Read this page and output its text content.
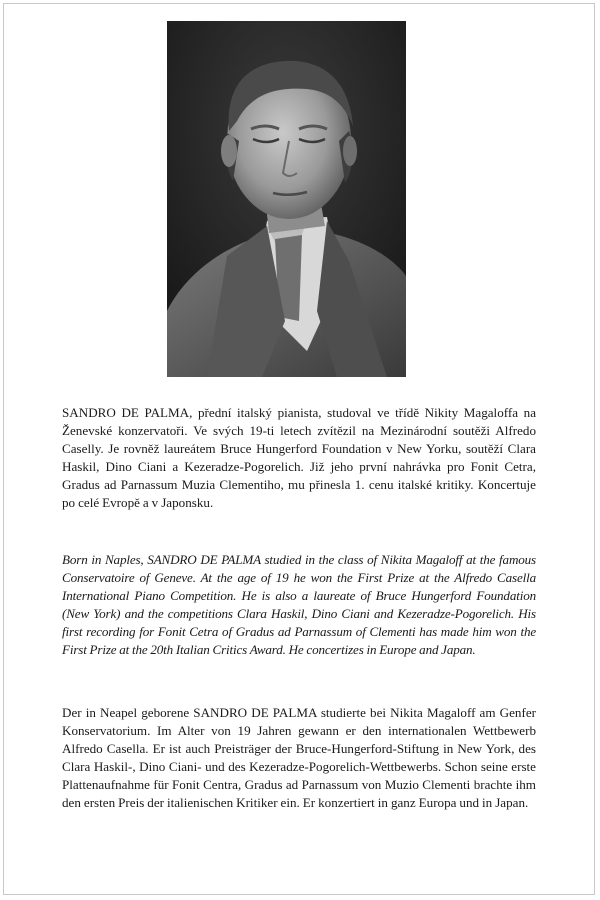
SANDRO DE PALMA, přední italský pianista, studoval ve třídě Nikity Magaloffa na Ženevské konzervatoři. Ve svých 19-ti letech zvítězil na Mezinárodní soutěži Alfredo Caselly. Je rovněž laureátem Bruce Hungerford Foundation v New Yorku, soutěží Clara Haskil, Dino Ciani a Kezeradze-Pogorelich. Již jeho první nahrávka pro Fonit Cetra, Gradus ad Parnassum Muzia Clementiho, mu přinesla 1. cenu italské kritiky. Koncertuje po celé Evropě a v Japonsku.

Born in Naples, SANDRO DE PALMA studied in the class of Nikita Magaloff at the famous Conservatoire of Geneve. At the age of 19 he won the First Prize at the Alfredo Casella International Piano Competition. He is also a laureate of Bruce Hungerford Foundation (New York) and the competitions Clara Haskil, Dino Ciani and Kezeradze-Pogorelich. His first recording for Fonit Cetra of Gradus ad Parnassum of Clementi has made him won the First Prize at the 20th Italian Critics Award. He concertizes in Europe and Japan.

Der in Neapel geborene SANDRO DE PALMA studierte bei Nikita Magaloff am Genfer Konservatorium. Im Alter von 19 Jahren gewann er den internationalen Wettbewerb Alfredo Casella. Er ist auch Preisträger der Bruce-Hungerford-Stiftung in New York, des Clara Haskil-, Dino Ciani- und des Kezeradze-Pogorelich-Wettbewerbs. Schon seine erste Plattenaufnahme für Fonit Centra, Gradus ad Parnassum von Muzio Clementi brachte ihm den ersten Preis der italienischen Kritiker ein. Er konzertiert in ganz Europa und in Japan.
